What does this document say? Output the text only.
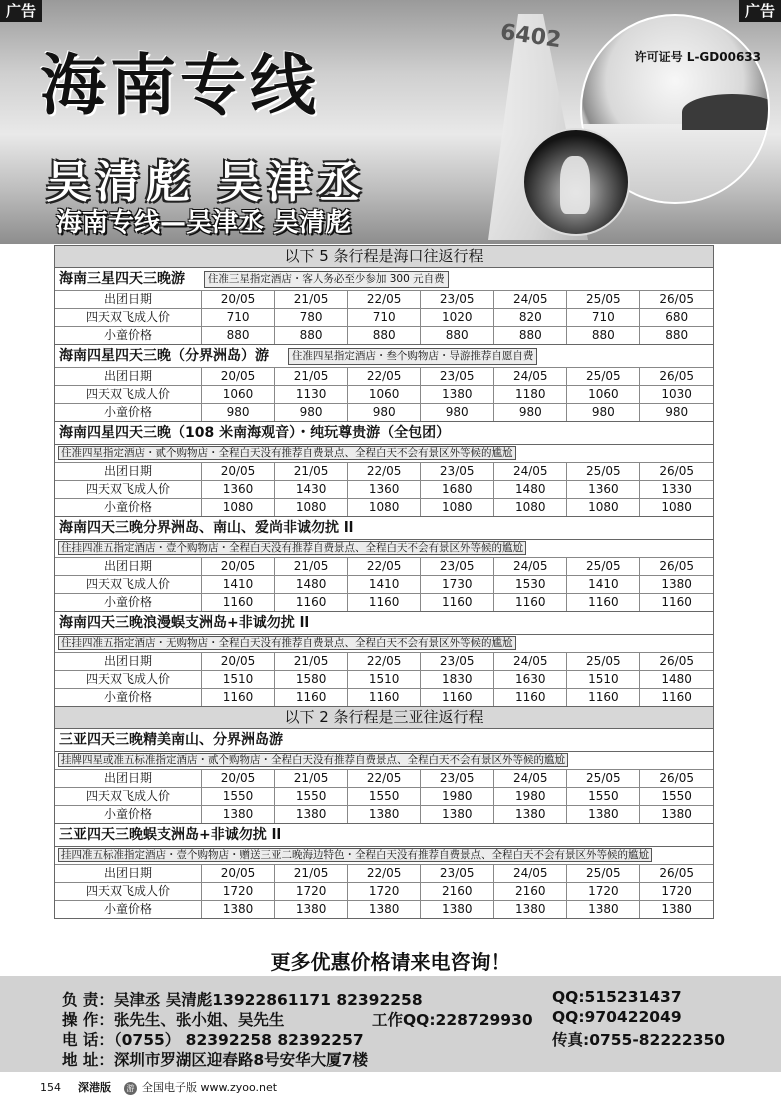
6402
许可证号 L-GD00633
海南专线
吴清彪 吴津丞
海南专线—吴津丞 吴清彪
广告	广告
以下 5 条行程是海口往返行程
海南三星四天三晚游 住准三星指定酒店・客人务必至少参加 300 元自费
出团日期	20/05	21/05	22/05	23/05	24/05	25/05	26/05
四天双飞成人价	710	780	710	1020	820	710	680
小童价格	880	880	880	880	880	880	880
海南四星四天三晚（分界洲岛）游 住准四星指定酒店・叁个购物店・导游推荐自愿自费
出团日期	20/05	21/05	22/05	23/05	24/05	25/05	26/05
四天双飞成人价	1060	1130	1060	1380	1180	1060	1030
小童价格	980	980	980	980	980	980	980
海南四星四天三晚（108 米南海观音）・纯玩尊贵游（全包团）
住准四星指定酒店・贰个购物店・全程白天没有推荐自费景点、全程白天不会有景区外等候的尴尬
出团日期	20/05	21/05	22/05	23/05	24/05	25/05	26/05
四天双飞成人价	1360	1430	1360	1680	1480	1360	1330
小童价格	1080	1080	1080	1080	1080	1080	1080
海南四天三晚分界洲岛、南山、爱尚非诚勿扰 ll
住挂四准五指定酒店・壹个购物店・全程白天没有推荐自费景点、全程白天不会有景区外等候的尴尬
出团日期	20/05	21/05	22/05	23/05	24/05	25/05	26/05
四天双飞成人价	1410	1480	1410	1730	1530	1410	1380
小童价格	1160	1160	1160	1160	1160	1160	1160
海南四天三晚浪漫蜈支洲岛+非诚勿扰 ll
住挂四准五指定酒店・无购物店・全程白天没有推荐自费景点、全程白天不会有景区外等候的尴尬
出团日期	20/05	21/05	22/05	23/05	24/05	25/05	26/05
四天双飞成人价	1510	1580	1510	1830	1630	1510	1480
小童价格	1160	1160	1160	1160	1160	1160	1160
以下 2 条行程是三亚往返行程
三亚四天三晚精美南山、分界洲岛游
挂牌四星或准五标准指定酒店・贰个购物店・全程白天没有推荐自费景点、全程白天不会有景区外等候的尴尬
出团日期	20/05	21/05	22/05	23/05	24/05	25/05	26/05
四天双飞成人价	1550	1550	1550	1980	1980	1550	1550
小童价格	1380	1380	1380	1380	1380	1380	1380
三亚四天三晚蜈支洲岛+非诚勿扰 ll
挂四准五标准指定酒店・壹个购物店・赠送三亚二晚海边特色・全程白天没有推荐自费景点、全程白天不会有景区外等候的尴尬
出团日期	20/05	21/05	22/05	23/05	24/05	25/05	26/05
四天双飞成人价	1720	1720	1720	2160	2160	1720	1720
小童价格	1380	1380	1380	1380	1380	1380	1380
更多优惠价格请来电咨询！
负 责：吴津丞 吴清彪13922861171 82392258	QQ:515231437
操 作：张先生、张小姐、吴先生	工作QQ:228729930 QQ:970422049
电 话：（0755） 82392258 82392257	传真:0755-82222350
地 址：深圳市罗湖区迎春路8号安华大厦7楼
154 深港版	游 全国电子版 www.zyoo.net
